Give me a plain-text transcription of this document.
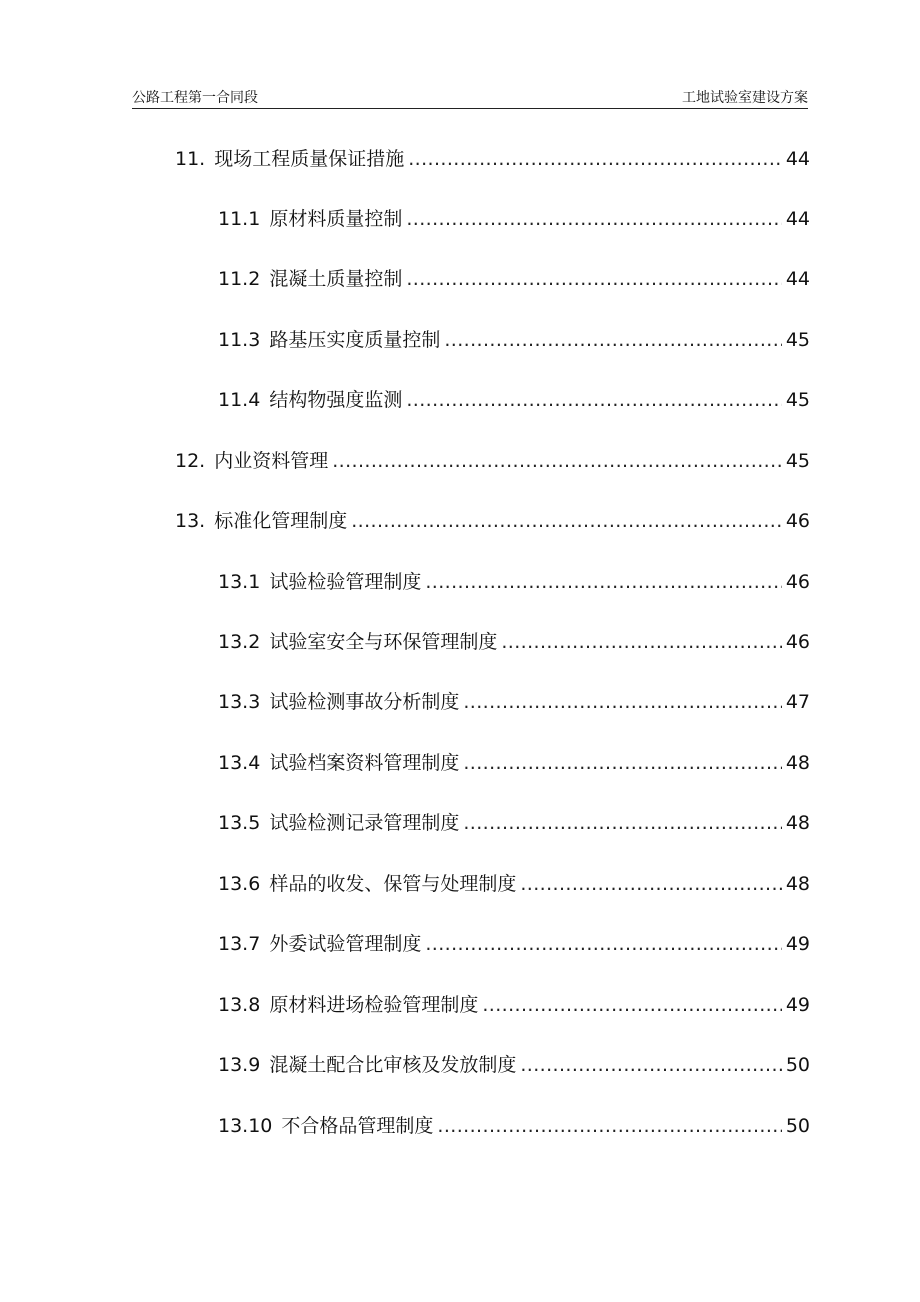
公路工程第一合同段	工地试验室建设方案
11. 现场工程质量保证措施 .....	44
11.1 原材料质量控制 .....	44
11.2 混凝土质量控制 .....	44
11.3 路基压实度质量控制 .....	45
11.4 结构物强度监测 .....	45
12. 内业资料管理 .....	45
13. 标准化管理制度 .....	46
13.1 试验检验管理制度 .....	46
13.2 试验室安全与环保管理制度 .....	46
13.3 试验检测事故分析制度 .....	47
13.4 试验档案资料管理制度 .....	48
13.5 试验检测记录管理制度 .....	48
13.6 样品的收发、保管与处理制度 .....	48
13.7 外委试验管理制度 .....	49
13.8 原材料进场检验管理制度 .....	49
13.9 混凝土配合比审核及发放制度 .....	50
13.10 不合格品管理制度 .....	50
